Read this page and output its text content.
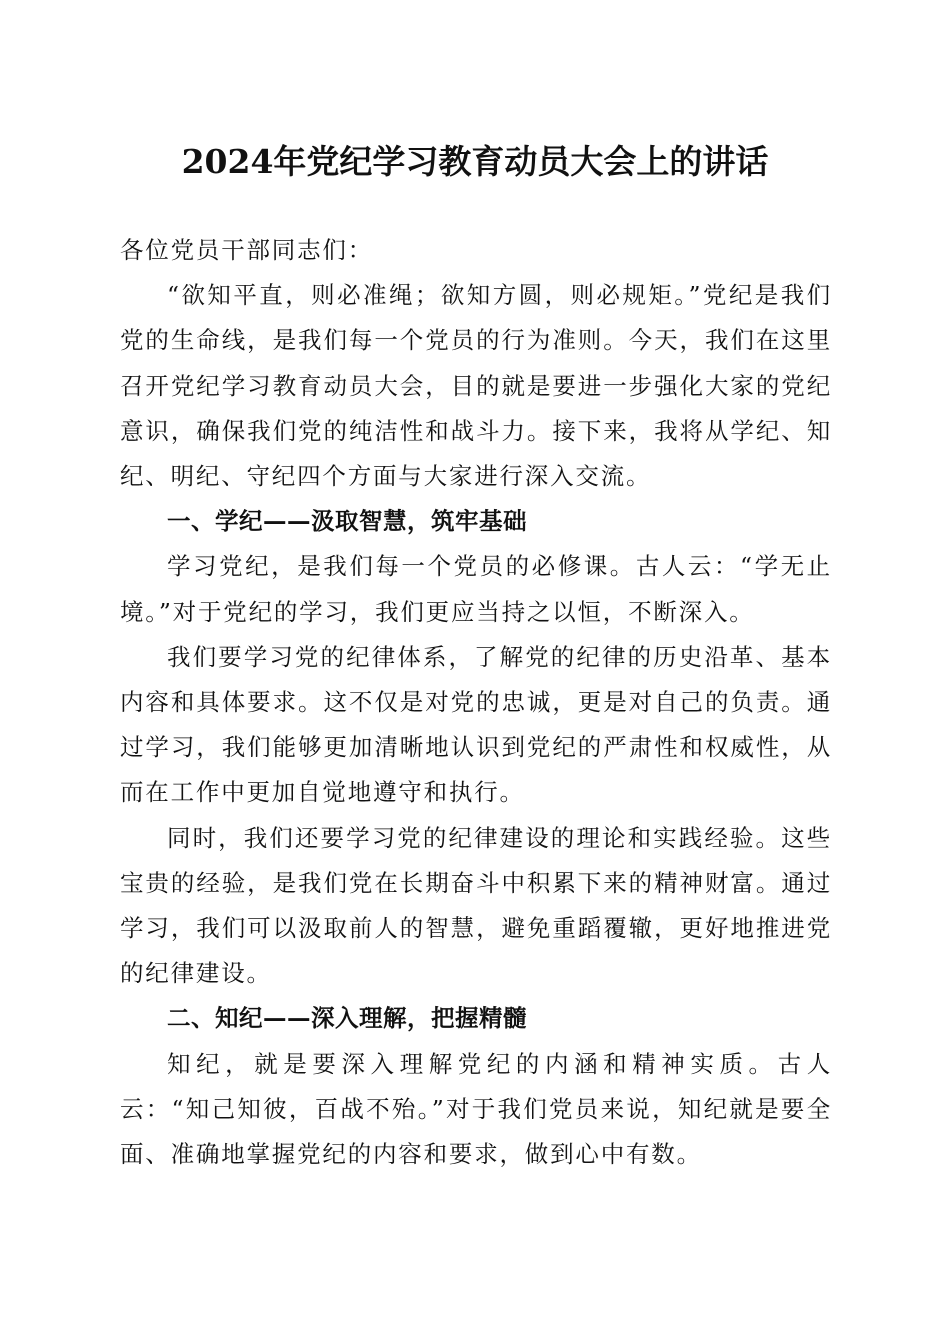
2024年党纪学习教育动员大会上的讲话

各位党员干部同志们：

“欲知平直，则必准绳；欲知方圆，则必规矩。”党纪是我们党的生命线，是我们每一个党员的行为准则。今天，我们在这里召开党纪学习教育动员大会，目的就是要进一步强化大家的党纪意识，确保我们党的纯洁性和战斗力。接下来，我将从学纪、知纪、明纪、守纪四个方面与大家进行深入交流。

一、学纪——汲取智慧，筑牢基础

学习党纪，是我们每一个党员的必修课。古人云：“学无止境。”对于党纪的学习，我们更应当持之以恒，不断深入。

我们要学习党的纪律体系，了解党的纪律的历史沿革、基本内容和具体要求。这不仅是对党的忠诚，更是对自己的负责。通过学习，我们能够更加清晰地认识到党纪的严肃性和权威性，从而在工作中更加自觉地遵守和执行。

同时，我们还要学习党的纪律建设的理论和实践经验。这些宝贵的经验，是我们党在长期奋斗中积累下来的精神财富。通过学习，我们可以汲取前人的智慧，避免重蹈覆辙，更好地推进党的纪律建设。

二、知纪——深入理解，把握精髓

知纪，就是要深入理解党纪的内涵和精神实质。古人云：“知己知彼，百战不殆。”对于我们党员来说，知纪就是要全面、准确地掌握党纪的内容和要求，做到心中有数。
